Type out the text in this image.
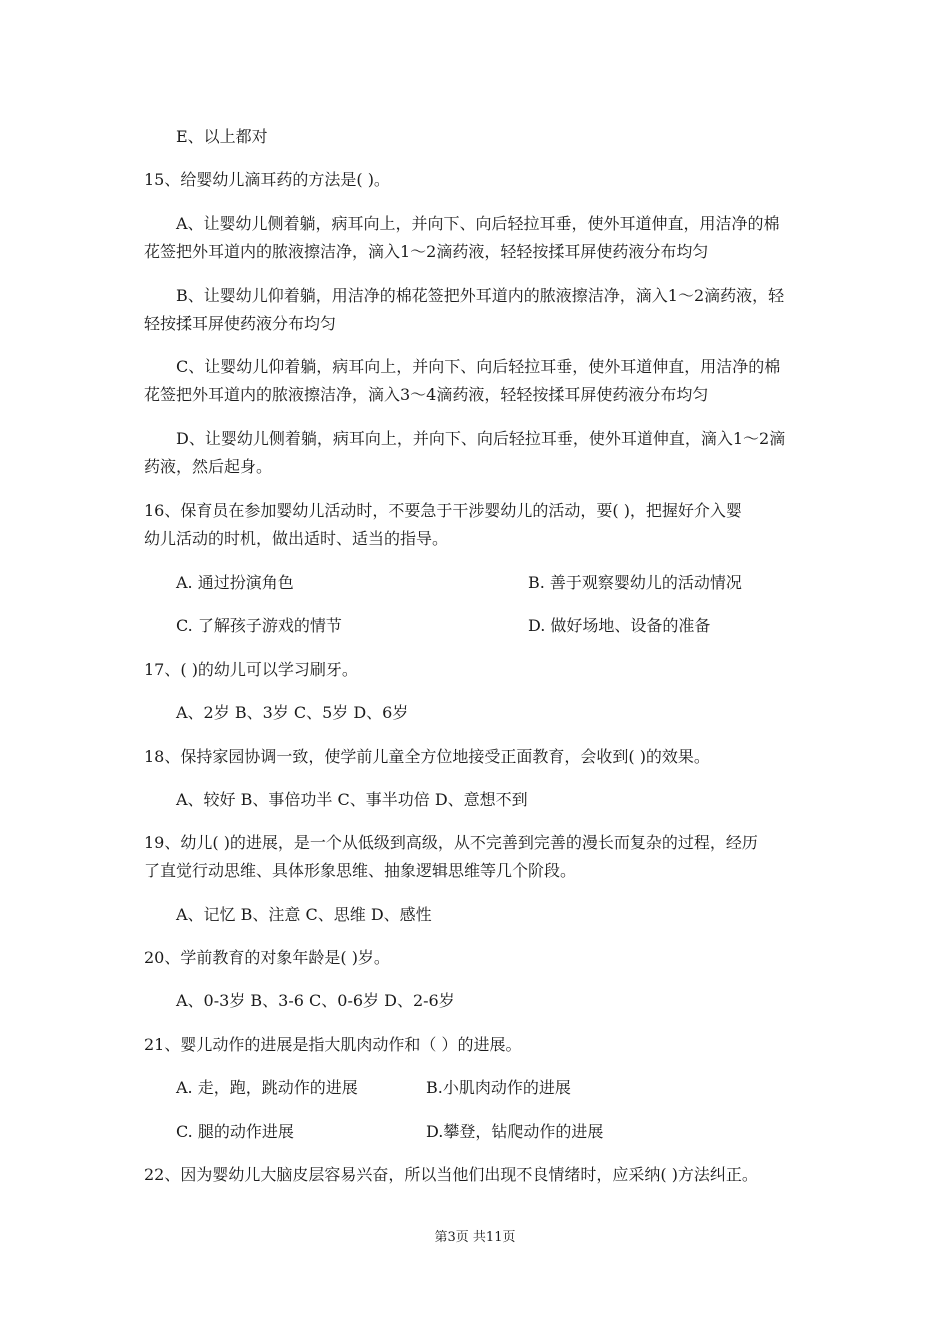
E、以上都对
15、给婴幼儿滴耳药的方法是( )。
A、让婴幼儿侧着躺，病耳向上，并向下、向后轻拉耳垂，使外耳道伸直，用洁净的棉
花签把外耳道内的脓液擦洁净，滴入1～2滴药液，轻轻按揉耳屏使药液分布均匀
B、让婴幼儿仰着躺，用洁净的棉花签把外耳道内的脓液擦洁净，滴入1～2滴药液，轻
轻按揉耳屏使药液分布均匀
C、让婴幼儿仰着躺，病耳向上，并向下、向后轻拉耳垂，使外耳道伸直，用洁净的棉
花签把外耳道内的脓液擦洁净，滴入3～4滴药液，轻轻按揉耳屏使药液分布均匀
D、让婴幼儿侧着躺，病耳向上，并向下、向后轻拉耳垂，使外耳道伸直，滴入1～2滴
药液，然后起身。
16、保育员在参加婴幼儿活动时，不要急于干涉婴幼儿的活动，要( )，把握好介入婴
幼儿活动的时机，做出适时、适当的指导。
A. 通过扮演角色	B. 善于观察婴幼儿的活动情况
C. 了解孩子游戏的情节	D. 做好场地、设备的准备
17、( )的幼儿可以学习刷牙。
A、2岁 B、3岁 C、5岁 D、6岁
18、保持家园协调一致，使学前儿童全方位地接受正面教育，会收到( )的效果。
A、较好 B、事倍功半 C、事半功倍 D、意想不到
19、幼儿( )的进展，是一个从低级到高级，从不完善到完善的漫长而复杂的过程，经历
了直觉行动思维、具体形象思维、抽象逻辑思维等几个阶段。
A、记忆 B、注意 C、思维 D、感性
20、学前教育的对象年龄是( )岁。
A、0-3岁 B、3-6 C、0-6岁 D、2-6岁
21、婴儿动作的进展是指大肌肉动作和（ ）的进展。
A. 走，跑，跳动作的进展	B.小肌肉动作的进展
C. 腿的动作进展	D.攀登，钻爬动作的进展
22、因为婴幼儿大脑皮层容易兴奋，所以当他们出现不良情绪时，应采纳( )方法纠正。
第3页 共11页
